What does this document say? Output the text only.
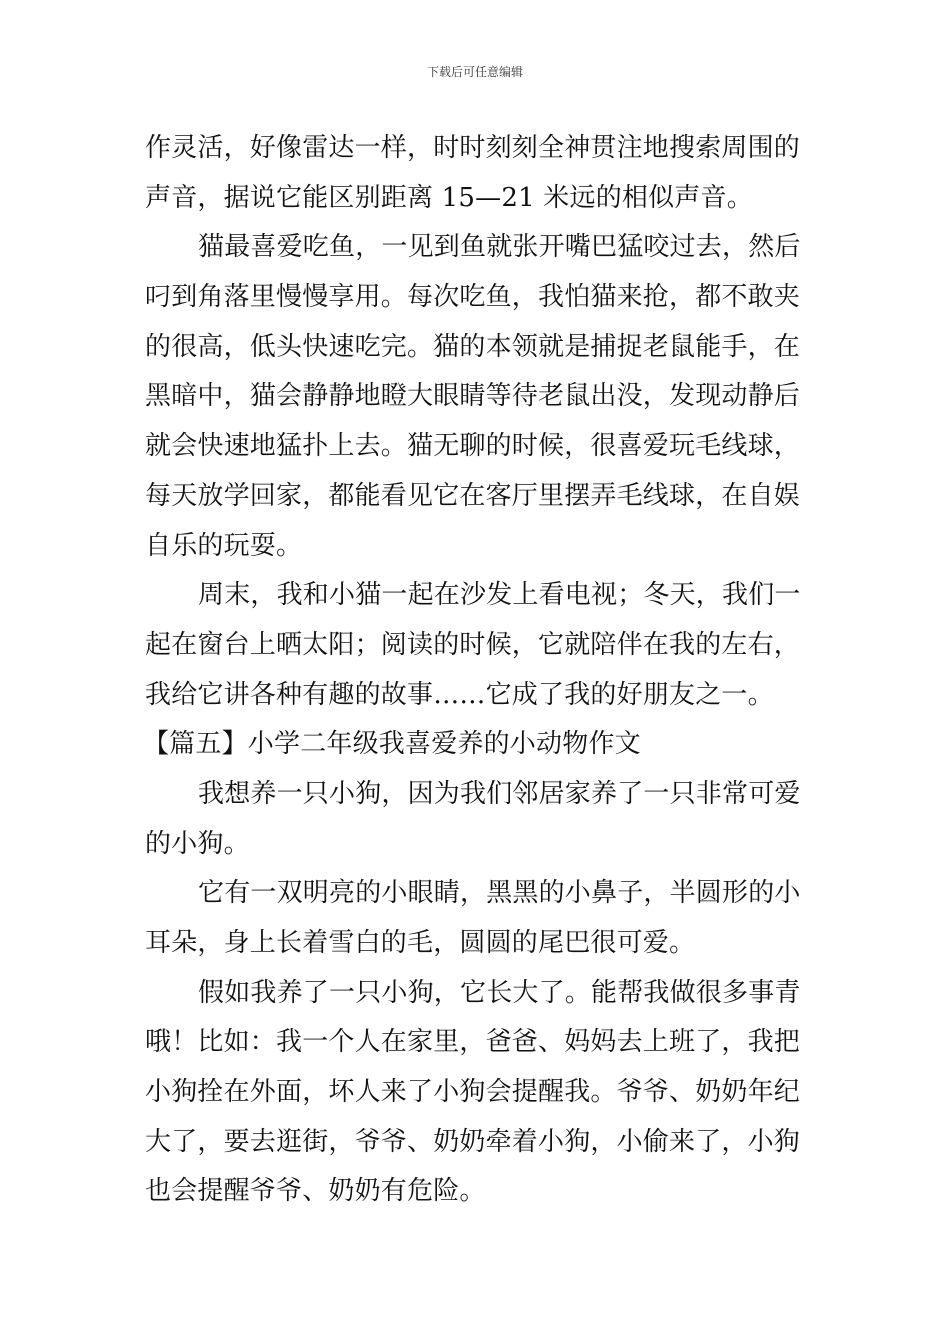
下载后可任意编辑
作灵活，好像雷达一样，时时刻刻全神贯注地搜索周围的
声音，据说它能区别距离 15—21 米远的相似声音。
猫最喜爱吃鱼，一见到鱼就张开嘴巴猛咬过去，然后
叼到角落里慢慢享用。每次吃鱼，我怕猫来抢，都不敢夹
的很高，低头快速吃完。猫的本领就是捕捉老鼠能手，在
黑暗中，猫会静静地瞪大眼睛等待老鼠出没，发现动静后
就会快速地猛扑上去。猫无聊的时候，很喜爱玩毛线球，
每天放学回家，都能看见它在客厅里摆弄毛线球，在自娱
自乐的玩耍。
周末，我和小猫一起在沙发上看电视；冬天，我们一
起在窗台上晒太阳；阅读的时候，它就陪伴在我的左右，
我给它讲各种有趣的故事……它成了我的好朋友之一。
【篇五】小学二年级我喜爱养的小动物作文
我想养一只小狗，因为我们邻居家养了一只非常可爱
的小狗。
它有一双明亮的小眼睛，黑黑的小鼻子，半圆形的小
耳朵，身上长着雪白的毛，圆圆的尾巴很可爱。
假如我养了一只小狗，它长大了。能帮我做很多事青
哦！比如：我一个人在家里，爸爸、妈妈去上班了，我把
小狗拴在外面，坏人来了小狗会提醒我。爷爷、奶奶年纪
大了，要去逛街，爷爷、奶奶牵着小狗，小偷来了，小狗
也会提醒爷爷、奶奶有危险。
